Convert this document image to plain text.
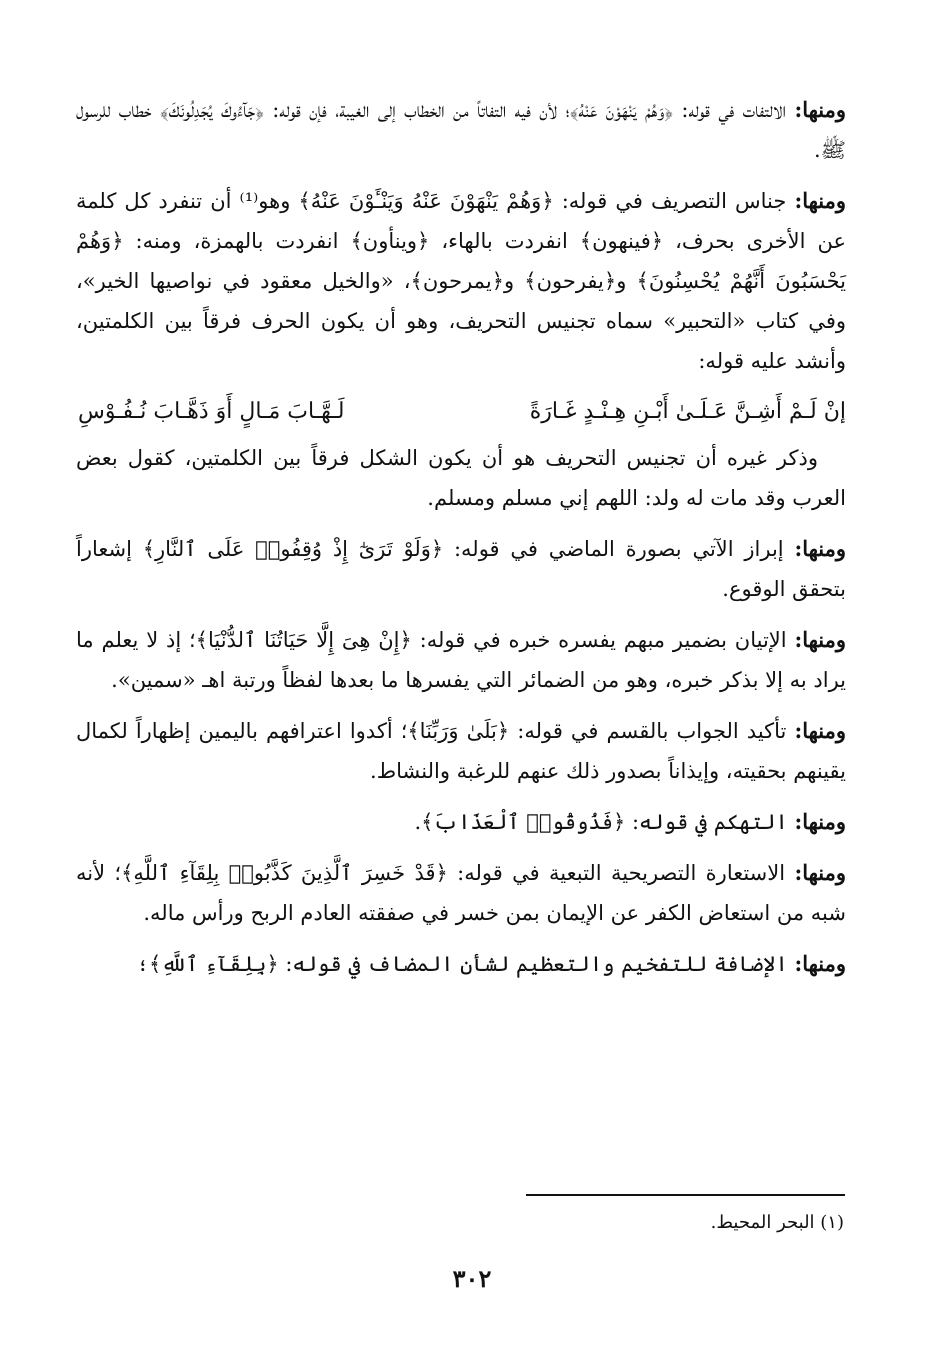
ومنها: الالتفات في قوله: ﴿وَهُمْ يَنْهَوْنَ عَنْهُ﴾؛ لأن فيه التفاتاً من الخطاب إلى الغيبة، فإن قوله: ﴿جَآءُوكَ يُجَدِلُونَكَ﴾ خطاب للرسول ﷺ.

ومنها: جناس التصريف في قوله: ﴿وَهُمْ يَنْهَوْنَ عَنْهُ وَيَنْـَٔوْنَ عَنْهُ﴾ وهو⁽¹⁾ أن تنفرد كل كلمة عن الأخرى بحرف، ﴿فينهون﴾ انفردت بالهاء، ﴿وينأون﴾ انفردت بالهمزة، ومنه: ﴿وَهُمْ يَحْسَبُونَ أَنَّهُمْ يُحْسِنُونَ﴾ و﴿يفرحون﴾ و﴿يمرحون﴾، «والخيل معقود في نواصيها الخير»، وفي كتاب «التحبير» سماه تجنيس التحريف، وهو أن يكون الحرف فرقاً بين الكلمتين، وأنشد عليه قوله:

إنْ لَـمْ أَشِـنَّ عَـلَـىٰ أَبْـنِ هِـنْـدٍ غَـارَةً
لَـهَّـابَ مَـالٍ أَوَ ذَهَّـابَ نُـفُـوْسِ

وذكر غيره أن تجنيس التحريف هو أن يكون الشكل فرقاً بين الكلمتين، كقول بعض العرب وقد مات له ولد: اللهم إني مسلم ومسلم.

ومنها: إبراز الآتي بصورة الماضي في قوله: ﴿وَلَوْ تَرَىٰٓ إِذْ وُقِفُوا۟ عَلَى ٱلنَّارِ﴾ إشعاراً بتحقق الوقوع.

ومنها: الإتيان بضمير مبهم يفسره خبره في قوله: ﴿إِنْ هِىَ إِلَّا حَيَاتُنَا ٱلدُّنْيَا﴾؛ إذ لا يعلم ما يراد به إلا بذكر خبره، وهو من الضمائر التي يفسرها ما بعدها لفظاً ورتبة اهـ «سمين».

ومنها: تأكيد الجواب بالقسم في قوله: ﴿بَلَىٰ وَرَبِّنَا﴾؛ أكدوا اعترافهم باليمين إظهاراً لكمال يقينهم بحقيته، وإيذاناً بصدور ذلك عنهم للرغبة والنشاط.

ومنها: التهكم في قوله: ﴿فَذُوقُوا۟ ٱلْعَذَابَ﴾.

ومنها: الاستعارة التصريحية التبعية في قوله: ﴿قَدْ خَسِرَ ٱلَّذِينَ كَذَّبُوا۟ بِلِقَآءِ ٱللَّهِ﴾؛ لأنه شبه من استعاض الكفر عن الإيمان بمن خسر في صفقته العادم الربح ورأس ماله.

ومنها: الإضافة للتفخيم والتعظيم لشأن المضاف في قوله: ﴿بِلِقَآءِ ٱللَّهِ﴾؛

(١) البحر المحيط.
٣٠٢
